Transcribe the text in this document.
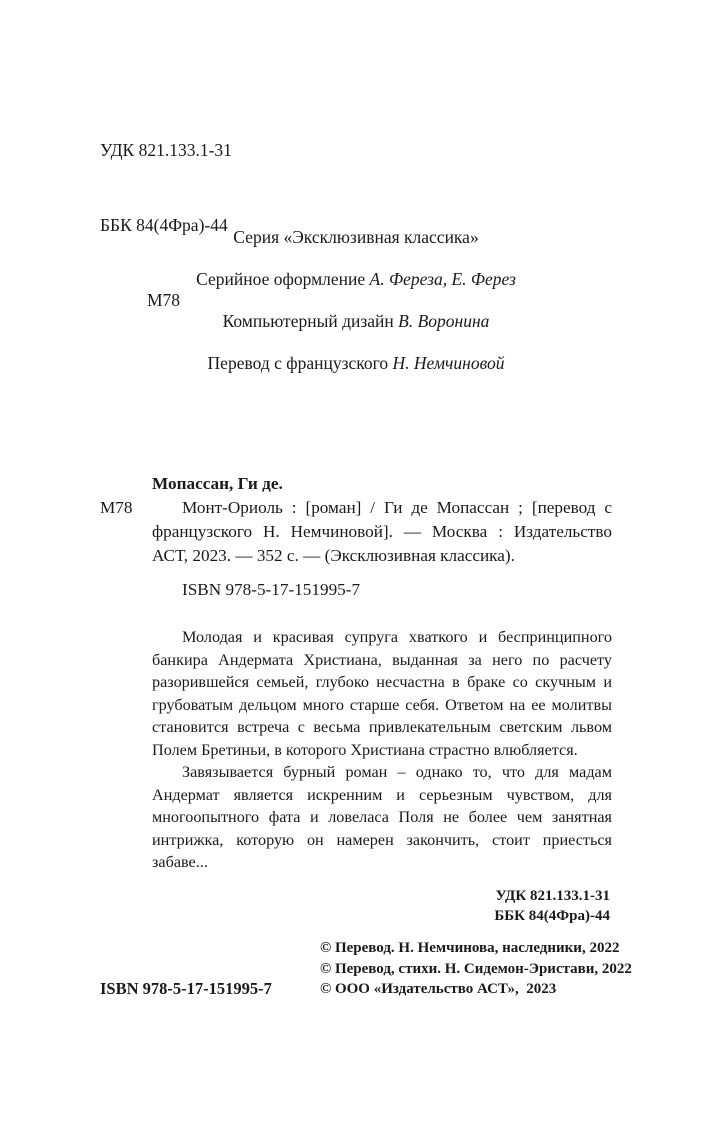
УДК 821.133.1-31

ББК 84(4Фра)-44

М78

Серия «Эксклюзивная классика»
Серийное оформление А. Фереза, Е. Ферез
Компьютерный дизайн В. Воронина
Перевод с французского Н. Немчиновой
Мопассан, Ги де.
М78	Монт-Ориоль : [роман] / Ги де Мопассан ; [перевод с французского Н. Немчиновой]. — Москва : Издательство АСТ, 2023. — 352 с. — (Эксклюзивная классика).
ISBN 978-5-17-151995-7

Молодая и красивая супруга хваткого и беспринципного банкира Андермата Христиана, выданная за него по расчету разорившейся семьей, глубоко несчастна в браке со скучным и грубоватым дельцом много старше себя. Ответом на ее молитвы становится встреча с весьма привлекательным светским львом Полем Бретиньи, в которого Христиана страстно влюбляется.

Завязывается бурный роман – однако то, что для мадам Андермат является искренним и серьезным чувством, для многоопытного фата и ловеласа Поля не более чем занятная интрижка, которую он намерен закончить, стоит приесться забаве...

УДК 821.133.1-31
ББК 84(4Фра)-44
© Перевод. Н. Немчинова, наследники, 2022
© Перевод, стихи. Н. Сидемон-Эристави, 2022
© ООО «Издательство АСТ»,  2023
ISBN 978-5-17-151995-7
